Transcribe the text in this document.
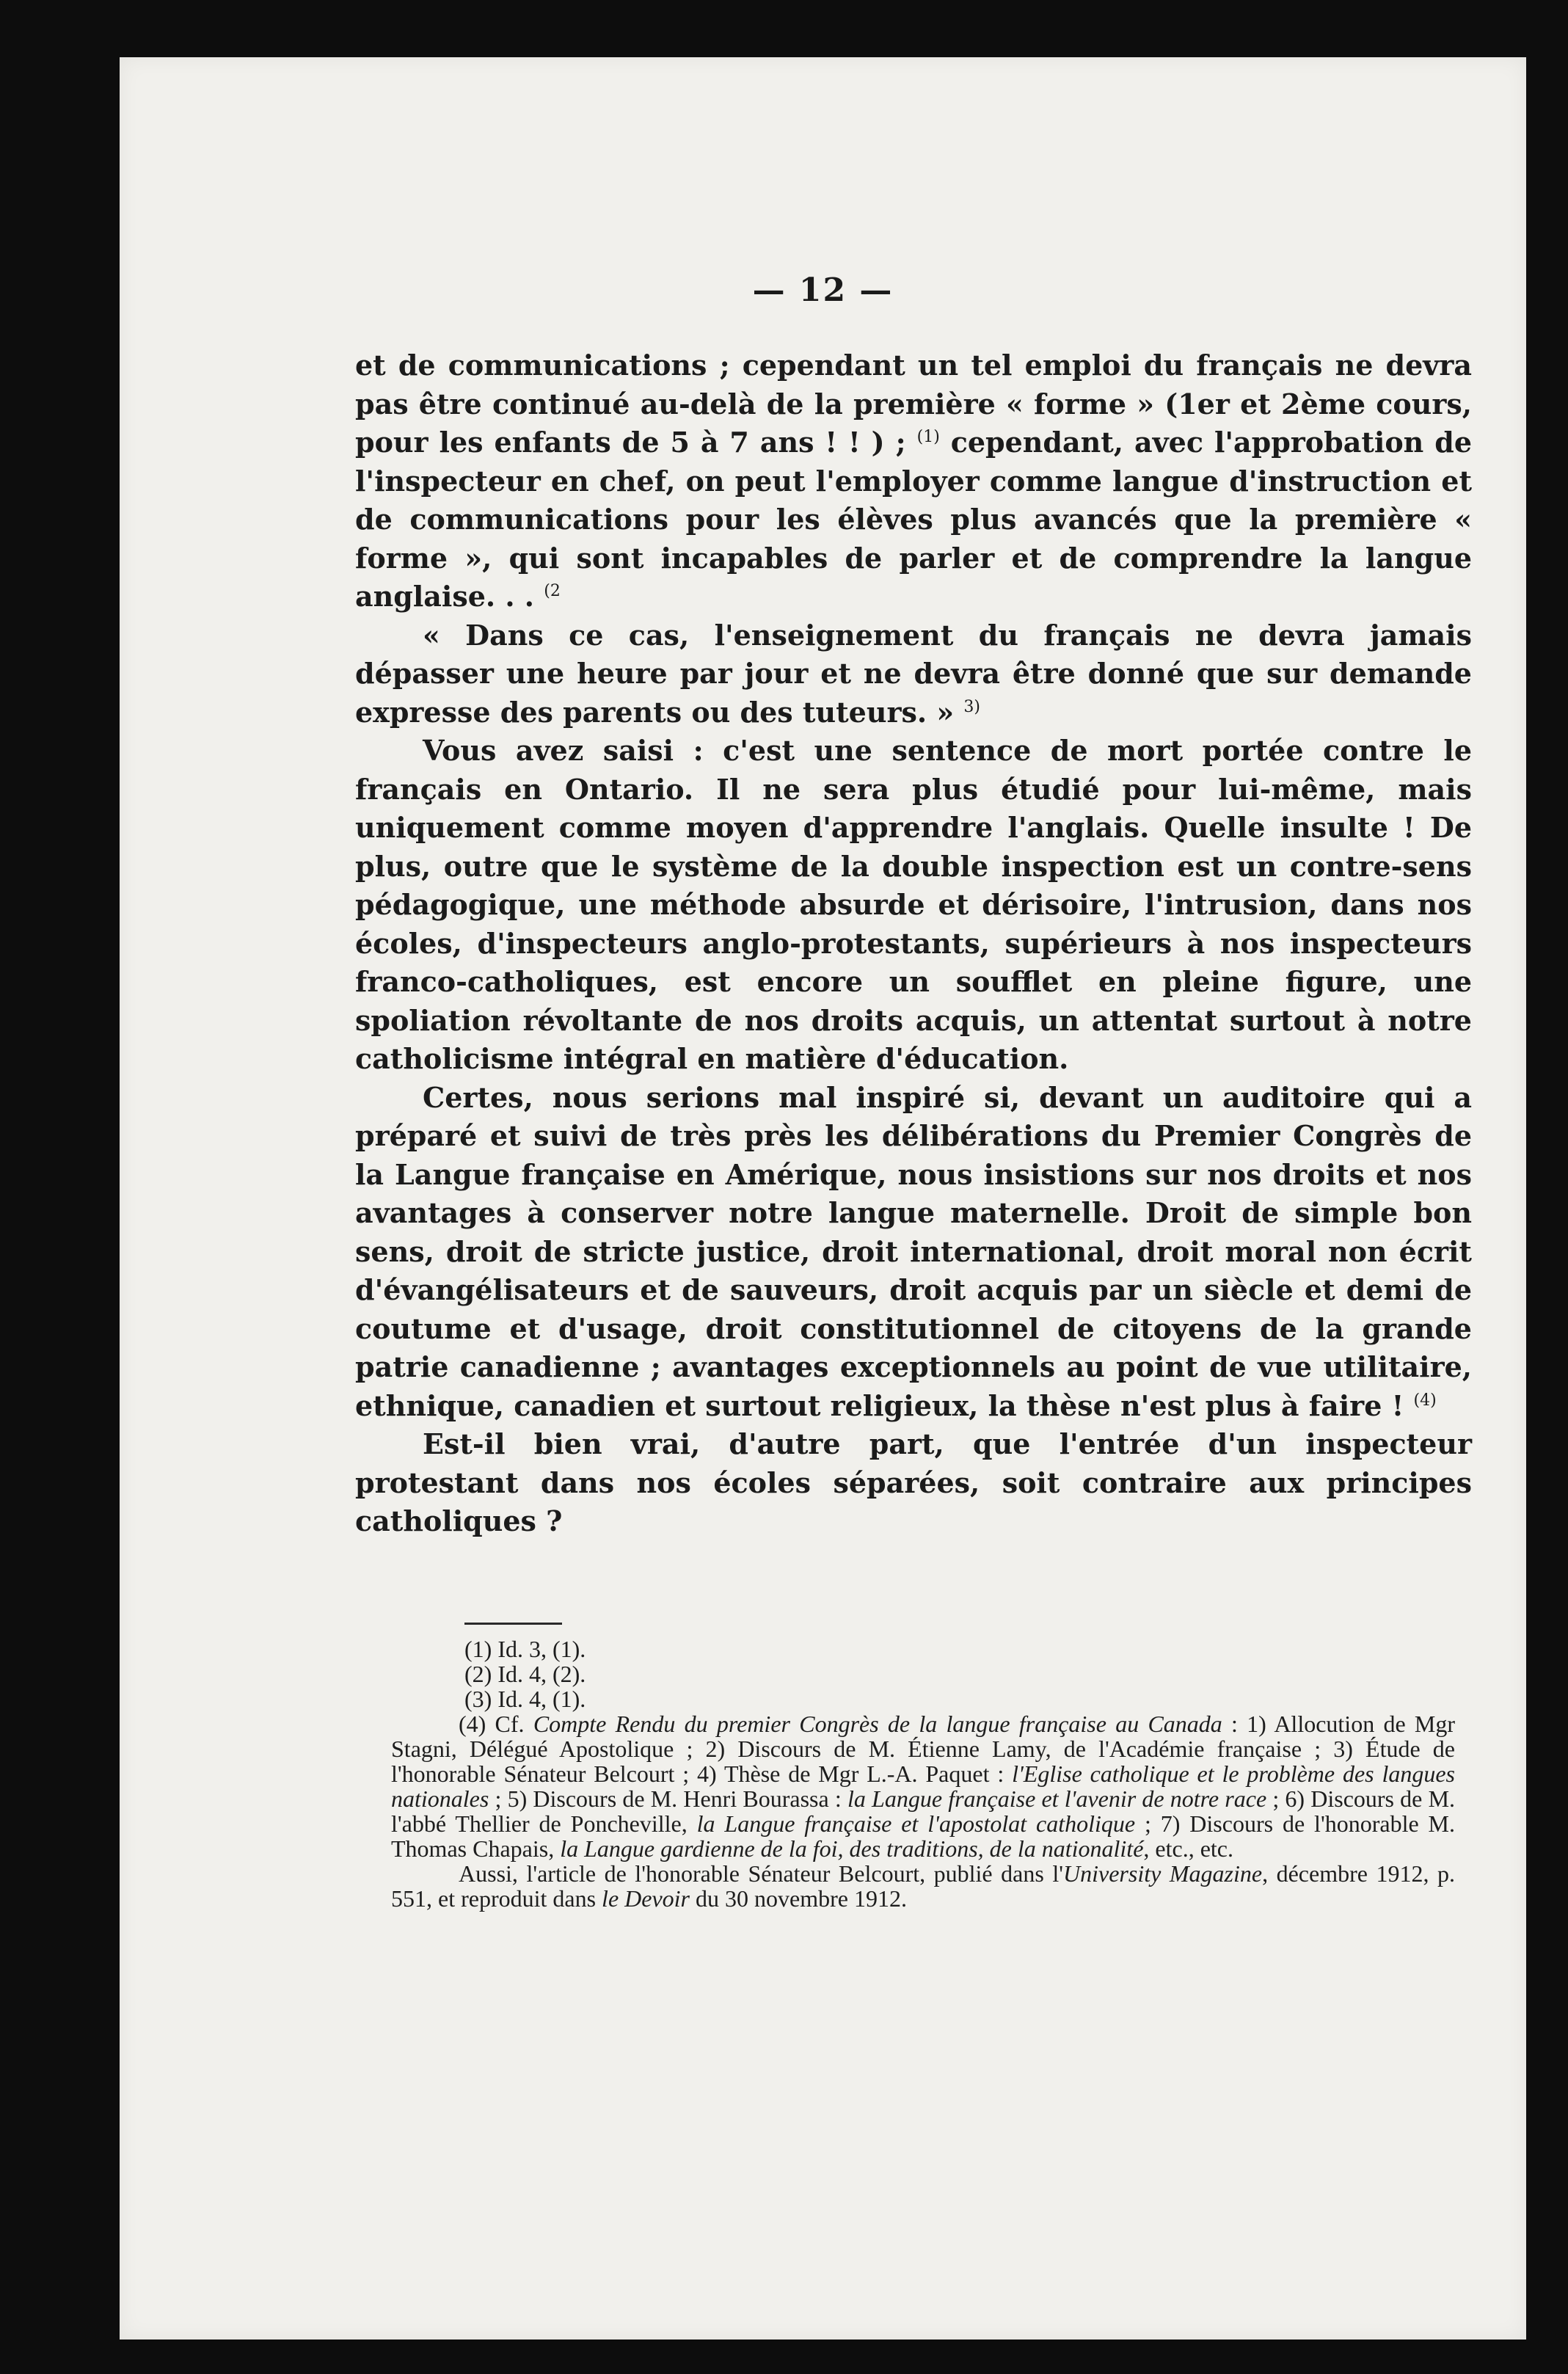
— 12 —

et de communications ; cependant un tel emploi du français ne devra pas être continué au-delà de la première « forme » (1er et 2ème cours, pour les enfants de 5 à 7 ans ! ! ) ; $^{(1)}$ cependant, avec l'approbation de l'inspecteur en chef, on peut l'employer comme langue d'instruction et de communications pour les élèves plus avancés que la première « forme », qui sont incapables de parler et de comprendre la langue anglaise. . . $^{(2}$

« Dans ce cas, l'enseignement du français ne devra jamais dépasser une heure par jour et ne devra être donné que sur demande expresse des parents ou des tuteurs. » $^{3)}$

Vous avez saisi : c'est une sentence de mort portée contre le français en Ontario. Il ne sera plus étudié pour lui-même, mais uniquement comme moyen d'apprendre l'anglais. Quelle insulte ! De plus, outre que le système de la double inspection est un contre-sens pédagogique, une méthode absurde et dérisoire, l'intrusion, dans nos écoles, d'inspecteurs anglo-protestants, supérieurs à nos inspecteurs franco-catholiques, est encore un soufflet en pleine figure, une spoliation révoltante de nos droits acquis, un attentat surtout à notre catholicisme intégral en matière d'éducation.

Certes, nous serions mal inspiré si, devant un auditoire qui a préparé et suivi de très près les délibérations du Premier Congrès de la Langue française en Amérique, nous insistions sur nos droits et nos avantages à conserver notre langue maternelle. Droit de simple bon sens, droit de stricte justice, droit international, droit moral non écrit d'évangélisateurs et de sauveurs, droit acquis par un siècle et demi de coutume et d'usage, droit constitutionnel de citoyens de la grande patrie canadienne ; avantages exceptionnels au point de vue utilitaire, ethnique, canadien et surtout religieux, la thèse n'est plus à faire ! $^{(4)}$

Est-il bien vrai, d'autre part, que l'entrée d'un inspecteur protestant dans nos écoles séparées, soit contraire aux principes catholiques ?

(1) Id. 3, (1).

(2) Id. 4, (2).

(3) Id. 4, (1).

(4) Cf. Compte Rendu du premier Congrès de la langue française au Canada : 1) Allocution de Mgr Stagni, Délégué Apostolique ; 2) Discours de M. Étienne Lamy, de l'Académie française ; 3) Étude de l'honorable Sénateur Belcourt ; 4) Thèse de Mgr L.-A. Paquet : l'Eglise catholique et le problème des langues nationales ; 5) Discours de M. Henri Bourassa : la Langue française et l'avenir de notre race ; 6) Discours de M. l'abbé Thellier de Poncheville, la Langue française et l'apostolat catholique ; 7) Discours de l'honorable M. Thomas Chapais, la Langue gardienne de la foi, des traditions, de la nationalité, etc., etc.

Aussi, l'article de l'honorable Sénateur Belcourt, publié dans l'University Magazine, décembre 1912, p. 551, et reproduit dans le Devoir du 30 novembre 1912.
